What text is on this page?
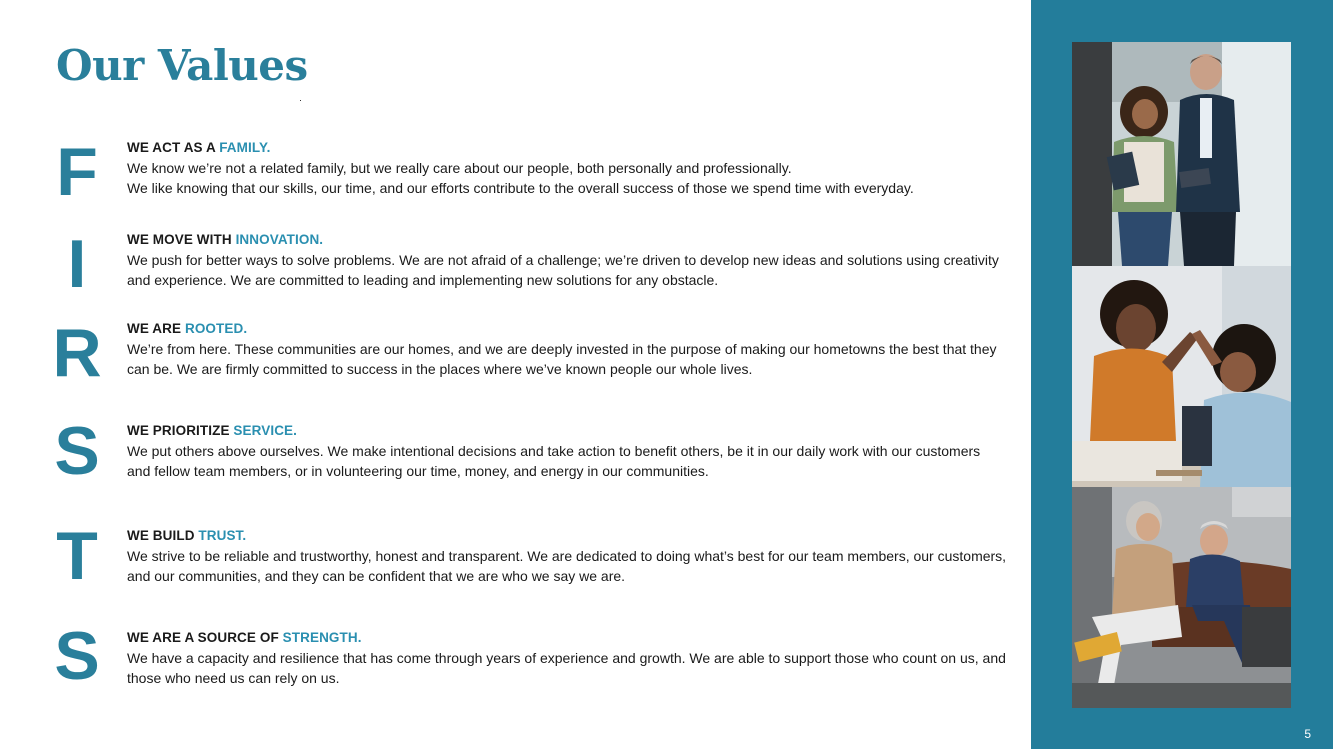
Our Values
F	WE ACT AS A FAMILY.
We know we’re not a related family, but we really care about our people, both personally and professionally.
We like knowing that our skills, our time, and our efforts contribute to the overall success of those we spend time with everyday.
I	WE MOVE WITH INNOVATION.
We push for better ways to solve problems. We are not afraid of a challenge; we’re driven to develop new ideas and solutions using creativity and experience. We are committed to leading and implementing new solutions for any obstacle.
R WE ARE ROOTED.
We’re from here. These communities are our homes, and we are deeply invested in the purpose of making our hometowns the best that they can be. We are firmly committed to success in the places where we’ve known people our whole lives.
S WE PRIORITIZE SERVICE.
We put others above ourselves. We make intentional decisions and take action to benefit others, be it in our daily work with our customers and fellow team members, or in volunteering our time, money, and energy in our communities.
T	WE BUILD TRUST.
We strive to be reliable and trustworthy, honest and transparent. We are dedicated to doing what’s best for our team members, our customers, and our communities, and they can be confident that we are who we say we are.
S WE ARE A SOURCE OF STRENGTH.
We have a capacity and resilience that has come through years of experience and growth. We are able to support those who count on us, and those who need us can rely on us.
5
